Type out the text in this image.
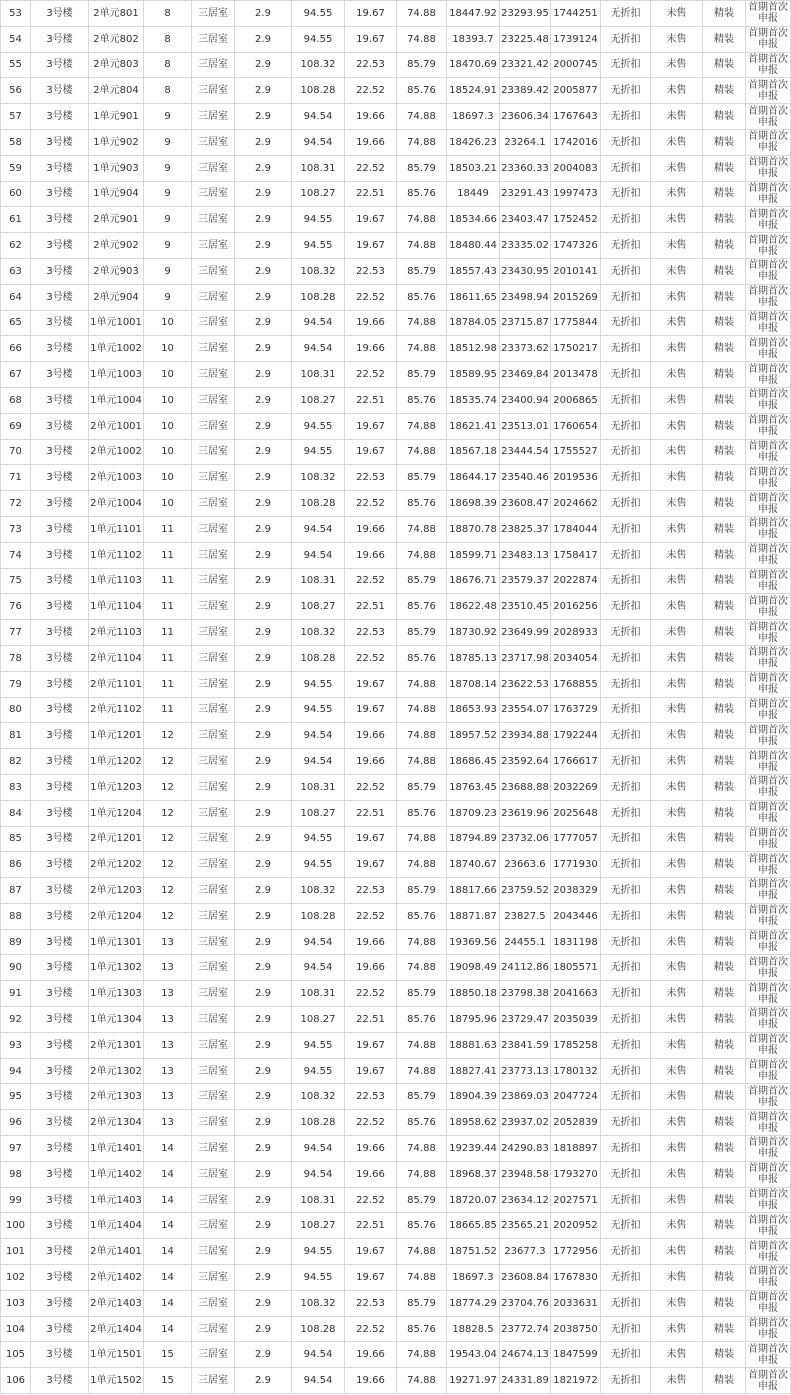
53	3号楼	2单元801	8	三居室	2.9	94.55	19.67	74.88	18447.92	23293.95	1744251	无折扣	未售	精装	首期首次申报
54	3号楼	2单元802	8	三居室	2.9	94.55	19.67	74.88	18393.7	23225.48	1739124	无折扣	未售	精装	首期首次申报
55	3号楼	2单元803	8	三居室	2.9	108.32	22.53	85.79	18470.69	23321.42	2000745	无折扣	未售	精装	首期首次申报
56	3号楼	2单元804	8	三居室	2.9	108.28	22.52	85.76	18524.91	23389.42	2005877	无折扣	未售	精装	首期首次申报
57	3号楼	1单元901	9	三居室	2.9	94.54	19.66	74.88	18697.3	23606.34	1767643	无折扣	未售	精装	首期首次申报
58	3号楼	1单元902	9	三居室	2.9	94.54	19.66	74.88	18426.23	23264.1	1742016	无折扣	未售	精装	首期首次申报
59	3号楼	1单元903	9	三居室	2.9	108.31	22.52	85.79	18503.21	23360.33	2004083	无折扣	未售	精装	首期首次申报
60	3号楼	1单元904	9	三居室	2.9	108.27	22.51	85.76	18449	23291.43	1997473	无折扣	未售	精装	首期首次申报
61	3号楼	2单元901	9	三居室	2.9	94.55	19.67	74.88	18534.66	23403.47	1752452	无折扣	未售	精装	首期首次申报
62	3号楼	2单元902	9	三居室	2.9	94.55	19.67	74.88	18480.44	23335.02	1747326	无折扣	未售	精装	首期首次申报
63	3号楼	2单元903	9	三居室	2.9	108.32	22.53	85.79	18557.43	23430.95	2010141	无折扣	未售	精装	首期首次申报
64	3号楼	2单元904	9	三居室	2.9	108.28	22.52	85.76	18611.65	23498.94	2015269	无折扣	未售	精装	首期首次申报
65	3号楼	1单元1001	10	三居室	2.9	94.54	19.66	74.88	18784.05	23715.87	1775844	无折扣	未售	精装	首期首次申报
66	3号楼	1单元1002	10	三居室	2.9	94.54	19.66	74.88	18512.98	23373.62	1750217	无折扣	未售	精装	首期首次申报
67	3号楼	1单元1003	10	三居室	2.9	108.31	22.52	85.79	18589.95	23469.84	2013478	无折扣	未售	精装	首期首次申报
68	3号楼	1单元1004	10	三居室	2.9	108.27	22.51	85.76	18535.74	23400.94	2006865	无折扣	未售	精装	首期首次申报
69	3号楼	2单元1001	10	三居室	2.9	94.55	19.67	74.88	18621.41	23513.01	1760654	无折扣	未售	精装	首期首次申报
70	3号楼	2单元1002	10	三居室	2.9	94.55	19.67	74.88	18567.18	23444.54	1755527	无折扣	未售	精装	首期首次申报
71	3号楼	2单元1003	10	三居室	2.9	108.32	22.53	85.79	18644.17	23540.46	2019536	无折扣	未售	精装	首期首次申报
72	3号楼	2单元1004	10	三居室	2.9	108.28	22.52	85.76	18698.39	23608.47	2024662	无折扣	未售	精装	首期首次申报
73	3号楼	1单元1101	11	三居室	2.9	94.54	19.66	74.88	18870.78	23825.37	1784044	无折扣	未售	精装	首期首次申报
74	3号楼	1单元1102	11	三居室	2.9	94.54	19.66	74.88	18599.71	23483.13	1758417	无折扣	未售	精装	首期首次申报
75	3号楼	1单元1103	11	三居室	2.9	108.31	22.52	85.79	18676.71	23579.37	2022874	无折扣	未售	精装	首期首次申报
76	3号楼	1单元1104	11	三居室	2.9	108.27	22.51	85.76	18622.48	23510.45	2016256	无折扣	未售	精装	首期首次申报
77	3号楼	2单元1103	11	三居室	2.9	108.32	22.53	85.79	18730.92	23649.99	2028933	无折扣	未售	精装	首期首次申报
78	3号楼	2单元1104	11	三居室	2.9	108.28	22.52	85.76	18785.13	23717.98	2034054	无折扣	未售	精装	首期首次申报
79	3号楼	2单元1101	11	三居室	2.9	94.55	19.67	74.88	18708.14	23622.53	1768855	无折扣	未售	精装	首期首次申报
80	3号楼	2单元1102	11	三居室	2.9	94.55	19.67	74.88	18653.93	23554.07	1763729	无折扣	未售	精装	首期首次申报
81	3号楼	1单元1201	12	三居室	2.9	94.54	19.66	74.88	18957.52	23934.88	1792244	无折扣	未售	精装	首期首次申报
82	3号楼	1单元1202	12	三居室	2.9	94.54	19.66	74.88	18686.45	23592.64	1766617	无折扣	未售	精装	首期首次申报
83	3号楼	1单元1203	12	三居室	2.9	108.31	22.52	85.79	18763.45	23688.88	2032269	无折扣	未售	精装	首期首次申报
84	3号楼	1单元1204	12	三居室	2.9	108.27	22.51	85.76	18709.23	23619.96	2025648	无折扣	未售	精装	首期首次申报
85	3号楼	2单元1201	12	三居室	2.9	94.55	19.67	74.88	18794.89	23732.06	1777057	无折扣	未售	精装	首期首次申报
86	3号楼	2单元1202	12	三居室	2.9	94.55	19.67	74.88	18740.67	23663.6	1771930	无折扣	未售	精装	首期首次申报
87	3号楼	2单元1203	12	三居室	2.9	108.32	22.53	85.79	18817.66	23759.52	2038329	无折扣	未售	精装	首期首次申报
88	3号楼	2单元1204	12	三居室	2.9	108.28	22.52	85.76	18871.87	23827.5	2043446	无折扣	未售	精装	首期首次申报
89	3号楼	1单元1301	13	三居室	2.9	94.54	19.66	74.88	19369.56	24455.1	1831198	无折扣	未售	精装	首期首次申报
90	3号楼	1单元1302	13	三居室	2.9	94.54	19.66	74.88	19098.49	24112.86	1805571	无折扣	未售	精装	首期首次申报
91	3号楼	1单元1303	13	三居室	2.9	108.31	22.52	85.79	18850.18	23798.38	2041663	无折扣	未售	精装	首期首次申报
92	3号楼	1单元1304	13	三居室	2.9	108.27	22.51	85.76	18795.96	23729.47	2035039	无折扣	未售	精装	首期首次申报
93	3号楼	2单元1301	13	三居室	2.9	94.55	19.67	74.88	18881.63	23841.59	1785258	无折扣	未售	精装	首期首次申报
94	3号楼	2单元1302	13	三居室	2.9	94.55	19.67	74.88	18827.41	23773.13	1780132	无折扣	未售	精装	首期首次申报
95	3号楼	2单元1303	13	三居室	2.9	108.32	22.53	85.79	18904.39	23869.03	2047724	无折扣	未售	精装	首期首次申报
96	3号楼	2单元1304	13	三居室	2.9	108.28	22.52	85.76	18958.62	23937.02	2052839	无折扣	未售	精装	首期首次申报
97	3号楼	1单元1401	14	三居室	2.9	94.54	19.66	74.88	19239.44	24290.83	1818897	无折扣	未售	精装	首期首次申报
98	3号楼	1单元1402	14	三居室	2.9	94.54	19.66	74.88	18968.37	23948.58	1793270	无折扣	未售	精装	首期首次申报
99	3号楼	1单元1403	14	三居室	2.9	108.31	22.52	85.79	18720.07	23634.12	2027571	无折扣	未售	精装	首期首次申报
100	3号楼	1单元1404	14	三居室	2.9	108.27	22.51	85.76	18665.85	23565.21	2020952	无折扣	未售	精装	首期首次申报
101	3号楼	2单元1401	14	三居室	2.9	94.55	19.67	74.88	18751.52	23677.3	1772956	无折扣	未售	精装	首期首次申报
102	3号楼	2单元1402	14	三居室	2.9	94.55	19.67	74.88	18697.3	23608.84	1767830	无折扣	未售	精装	首期首次申报
103	3号楼	2单元1403	14	三居室	2.9	108.32	22.53	85.79	18774.29	23704.76	2033631	无折扣	未售	精装	首期首次申报
104	3号楼	2单元1404	14	三居室	2.9	108.28	22.52	85.76	18828.5	23772.74	2038750	无折扣	未售	精装	首期首次申报
105	3号楼	1单元1501	15	三居室	2.9	94.54	19.66	74.88	19543.04	24674.13	1847599	无折扣	未售	精装	首期首次申报
106	3号楼	1单元1502	15	三居室	2.9	94.54	19.66	74.88	19271.97	24331.89	1821972	无折扣	未售	精装	首期首次申报
